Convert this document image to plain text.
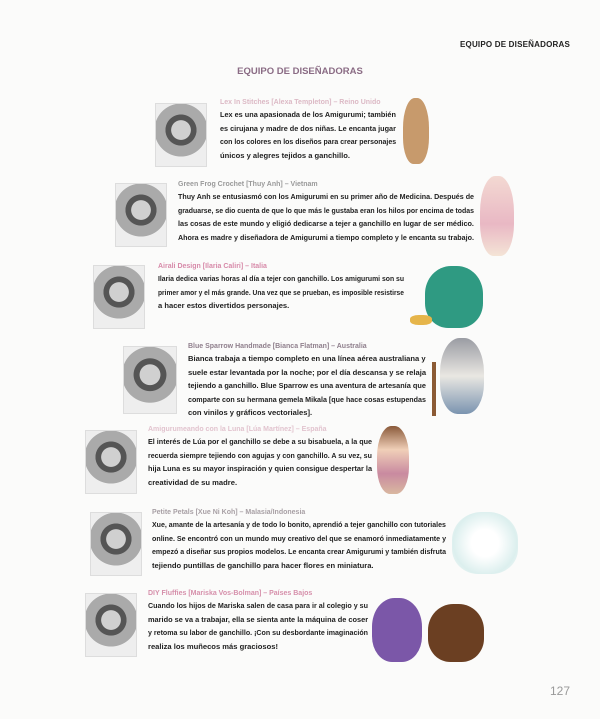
EQUIPO DE DISEÑADORAS
EQUIPO DE DISEÑADORAS
Lex In Stitches [Alexa Templeton] – Reino Unido
Lex es una apasionada de los Amigurumi; también
es cirujana y madre de dos niñas. Le encanta jugar
con los colores en los diseños para crear personajes
únicos y alegres tejidos a ganchillo.
Green Frog Crochet [Thuy Anh] – Vietnam
Thuy Anh se entusiasmó con los Amigurumi en su primer año de Medicina. Después de
graduarse, se dio cuenta de que lo que más le gustaba eran los hilos por encima de todas
las cosas de este mundo y eligió dedicarse a tejer a ganchillo en lugar de ser médico.
Ahora es madre y diseñadora de Amigurumi a tiempo completo y le encanta su trabajo.
Airali Design [Ilaria Caliri] – Italia
Ilaria dedica varias horas al día a tejer con ganchillo. Los amigurumi son su
primer amor y el más grande. Una vez que se prueban, es imposible resistirse
a hacer estos divertidos personajes.
Blue Sparrow Handmade [Bianca Flatman] – Australia
Bianca trabaja a tiempo completo en una línea aérea australiana y
suele estar levantada por la noche; por el día descansa y se relaja
tejiendo a ganchillo. Blue Sparrow es una aventura de artesanía que
comparte con su hermana gemela Mikala [que hace cosas estupendas
con vinilos y gráficos vectoriales].
Amigurumeando con la Luna [Lúa Martínez] – España
El interés de Lúa por el ganchillo se debe a su bisabuela, a la que
recuerda siempre tejiendo con agujas y con ganchillo. A su vez, su
hija Luna es su mayor inspiración y quien consigue despertar la
creatividad de su madre.
Petite Petals [Xue Ni Koh] – Malasia/Indonesia
Xue, amante de la artesanía y de todo lo bonito, aprendió a tejer ganchillo con tutoriales
online. Se encontró con un mundo muy creativo del que se enamoró inmediatamente y
empezó a diseñar sus propios modelos. Le encanta crear Amigurumi y también disfruta
tejiendo puntillas de ganchillo para hacer flores en miniatura.
DIY Fluffies [Mariska Vos-Bolman] – Países Bajos
Cuando los hijos de Mariska salen de casa para ir al colegio y su
marido se va a trabajar, ella se sienta ante la máquina de coser
y retoma su labor de ganchillo. ¡Con su desbordante imaginación
realiza los muñecos más graciosos!
127
